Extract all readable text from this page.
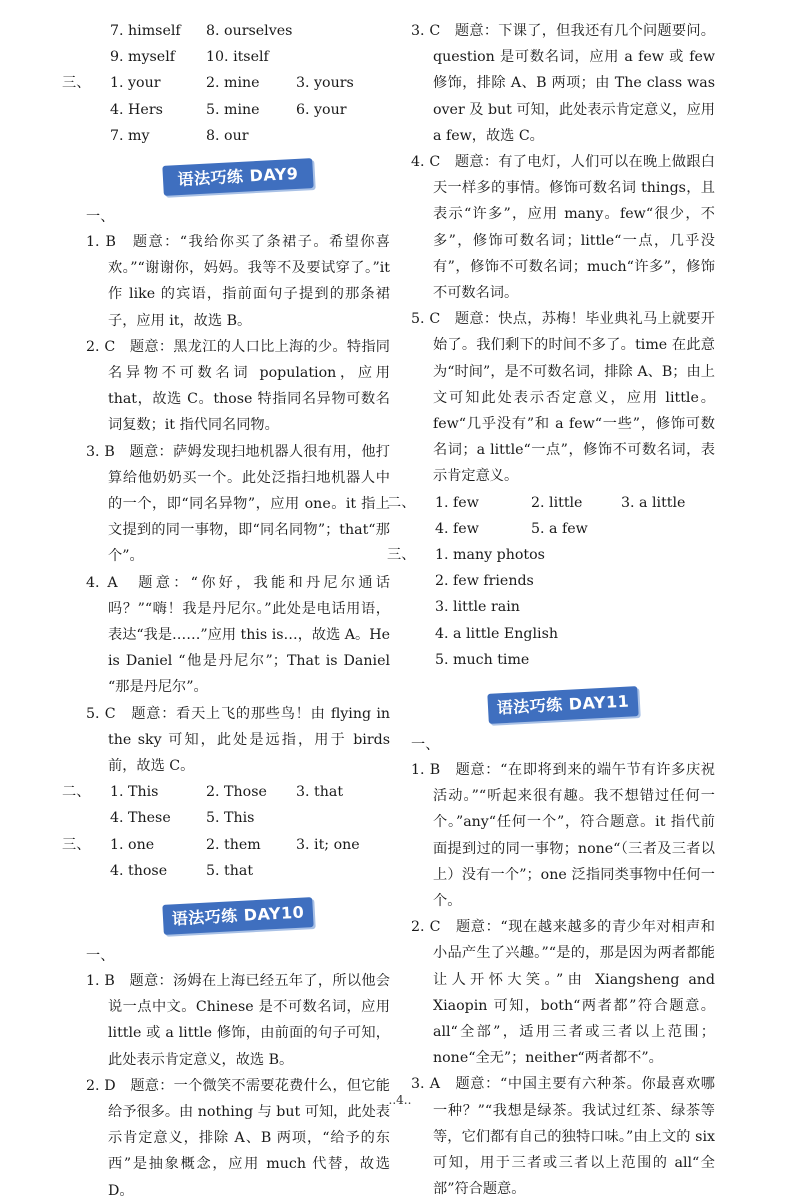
7. himself 8. ourselves
9. myself 10. itself
三、 1. your	2. mine	3. yours
4. Hers	5. mine	6. your
7. my	8. our
语法巧练 DAY9
一、
1. B　题意：“我给你买了条裙子。希望你喜欢。”“谢谢你，妈妈。我等不及要试穿了。”it 作 like 的宾语，指前面句子提到的那条裙子，应用 it，故选 B。
2. C　题意：黑龙江的人口比上海的少。特指同名异物不可数名词 population，应用 that，故选 C。those 特指同名异物可数名词复数；it 指代同名同物。
3. B　题意：萨姆发现扫地机器人很有用，他打算给他奶奶买一个。此处泛指扫地机器人中的一个，即“同名异物”，应用 one。it 指上文提到的同一事物，即“同名同物”；that“那个”。
4. A　题意：“你好，我能和丹尼尔通话吗？”“嗨！我是丹尼尔。”此处是电话用语，表达“我是……”应用 this is…，故选 A。He is Daniel “他是丹尼尔”；That is Daniel “那是丹尼尔”。
5. C　题意：看天上飞的那些鸟！由 flying in the sky 可知，此处是远指，用于 birds 前，故选 C。
二、 1. This	2. Those 3. that
4. These 5. This
三、 1. one	2. them 3. it; one
4. those	5. that
语法巧练 DAY10
一、
1. B　题意：汤姆在上海已经五年了，所以他会说一点中文。Chinese 是不可数名词，应用 little 或 a little 修饰，由前面的句子可知，此处表示肯定意义，故选 B。
2. D　题意：一个微笑不需要花费什么，但它能给予很多。由 nothing 与 but 可知，此处表示肯定意义，排除 A、B 两项，“给予的东西”是抽象概念，应用 much 代替，故选 D。
3. C　题意：下课了，但我还有几个问题要问。question 是可数名词，应用 a few 或 few 修饰，排除 A、B 两项；由 The class was over 及 but 可知，此处表示肯定意义，应用 a few，故选 C。
4. C　题意：有了电灯，人们可以在晚上做跟白天一样多的事情。修饰可数名词 things，且表示“许多”，应用 many。few“很少，不多”，修饰可数名词；little“一点，几乎没有”，修饰不可数名词；much“许多”，修饰不可数名词。
5. C　题意：快点，苏梅！毕业典礼马上就要开始了。我们剩下的时间不多了。time 在此意为“时间”，是不可数名词，排除 A、B；由上文可知此处表示否定意义，应用 little。few“几乎没有”和 a few“一些”，修饰可数名词；a little“一点”，修饰不可数名词，表示肯定意义。
二、 1. few	2. little	3. a little
4. few	5. a few
三、 1. many photos
2. few friends
3. little rain
4. a little English
5. much time
语法巧练 DAY11
一、
1. B　题意：“在即将到来的端午节有许多庆祝活动。”“听起来很有趣。我不想错过任何一个。”any“任何一个”，符合题意。it 指代前面提到过的同一事物；none“（三者及三者以上）没有一个”；one 泛指同类事物中任何一个。
2. C　题意：“现在越来越多的青少年对相声和小品产生了兴趣。”“是的，那是因为两者都能让人开怀大笑。”由 Xiangsheng and Xiaopin 可知，both“两者都”符合题意。all“全部”，适用三者或三者以上范围；none“全无”；neither“两者都不”。
3. A　题意：“中国主要有六种茶。你最喜欢哪一种？”“我想是绿茶。我试过红茶、绿茶等等，它们都有自己的独特口味。”由上文的 six 可知，用于三者或三者以上范围的 all“全部”符合题意。
..4..
